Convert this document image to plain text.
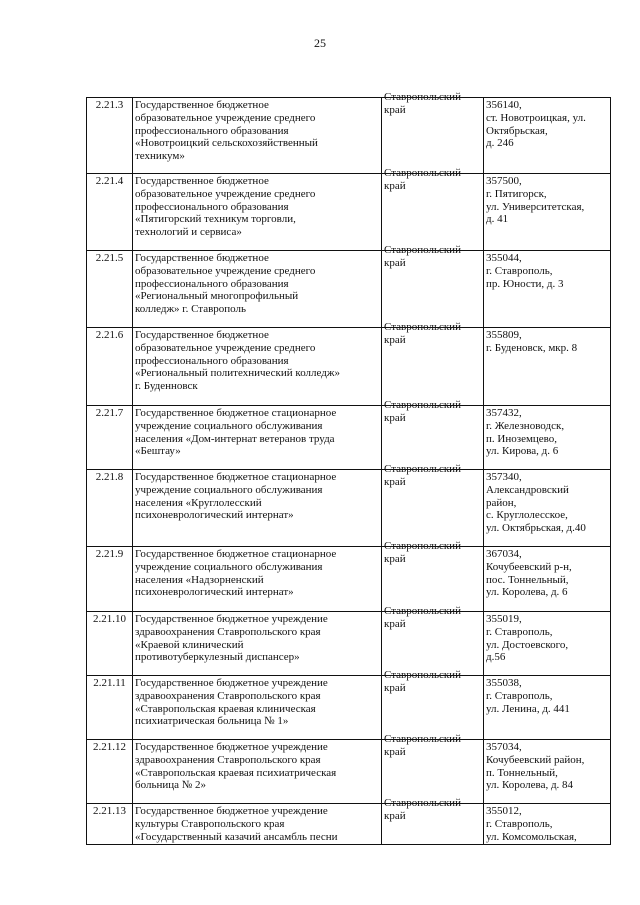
25
2.21.3	Государственное бюджетное
образовательное учреждение среднего
профессионального образования
«Новотроицкий сельскохозяйственный
техникум»	Ставропольский
край	356140,
ст. Новотроицкая, ул.
Октябрьская,
д. 246

2.21.4	Государственное бюджетное
образовательное учреждение среднего
профессионального образования
«Пятигорский техникум торговли,
технологий и сервиса»	Ставропольский
край	357500,
г. Пятигорск,
ул. Университетская,
д. 41

2.21.5	Государственное бюджетное
образовательное учреждение среднего
профессионального образования
«Региональный многопрофильный
колледж» г. Ставрополь	Ставропольский
край	355044,
г. Ставрополь,
пр. Юности, д. 3

2.21.6	Государственное бюджетное
образовательное учреждение среднего
профессионального образования
«Региональный политехнический колледж»
г. Буденновск	Ставропольский
край	355809,
г. Буденовск, мкр. 8

2.21.7	Государственное бюджетное стационарное
учреждение социального обслуживания
населения «Дом-интернат ветеранов труда
«Бештау»	Ставропольский
край	357432,
г. Железноводск,
п. Иноземцево,
ул. Кирова, д. 6

2.21.8	Государственное бюджетное стационарное
учреждение социального обслуживания
населения «Круглолесский
психоневрологический интернат»	Ставропольский
край	357340,
Александровский
район,
с. Круглолесское,
ул. Октябрьская, д.40

2.21.9	Государственное бюджетное стационарное
учреждение социального обслуживания
населения «Надзорненский
психоневрологический интернат»	Ставропольский
край	367034,
Кочубеевский р-н,
пос. Тоннельный,
ул. Королева, д. 6

2.21.10	Государственное бюджетное учреждение
здравоохранения Ставропольского края
«Краевой клинический
противотуберкулезный диспансер»	Ставропольский
край	355019,
г. Ставрополь,
ул. Достоевского,
д.56

2.21.11	Государственное бюджетное учреждение
здравоохранения Ставропольского края
«Ставропольская краевая клиническая
психиатрическая больница № 1»	Ставропольский
край	355038,
г. Ставрополь,
ул. Ленина, д. 441

2.21.12	Государственное бюджетное учреждение
здравоохранения Ставропольского края
«Ставропольская краевая психиатрическая
больница № 2»	Ставропольский
край	357034,
Кочубеевский район,
п. Тоннельный,
ул. Королева, д. 84

2.21.13	Государственное бюджетное учреждение
культуры Ставропольского края
«Государственный казачий ансамбль песни	Ставропольский
край	355012,
г. Ставрополь,
ул. Комсомольская,
